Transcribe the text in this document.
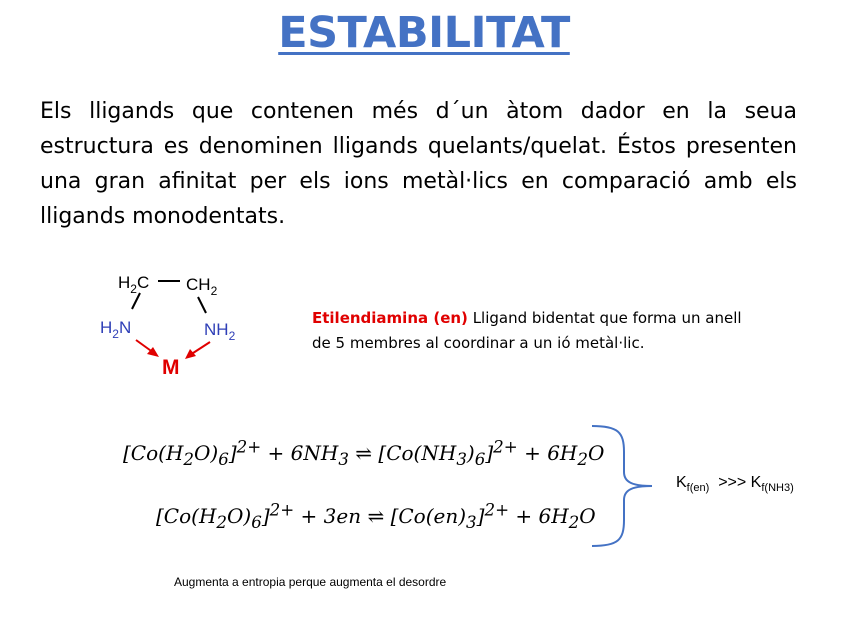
ESTABILITAT
Els lligands que contenen més d´un àtom dador en la seua estructura es denominen lligands quelants/quelat. Éstos presenten una gran afinitat per els ions metàl·lics en comparació amb els lligands monodentats.
$H_2C$ $CH_2$
$H_2N$	$NH_2$
M
Etilendiamina (en) Lligand bidentat que forma un anell de 5 membres al coordinar a un ió metàl·lic.
$[Co(H_2O)_6]^{2+} + 6NH_3$ ⇌ $[Co(NH_3)_6]^{2+} + 6H_2O$
$[Co(H_2O)_6]^{2+} + 3en$ ⇌ $[Co(en)_3]^{2+} + 6H_2O$
$K_{f(en)}$  >>> $K_{f(NH3)}$
Augmenta a entropia perque augmenta el desordre
